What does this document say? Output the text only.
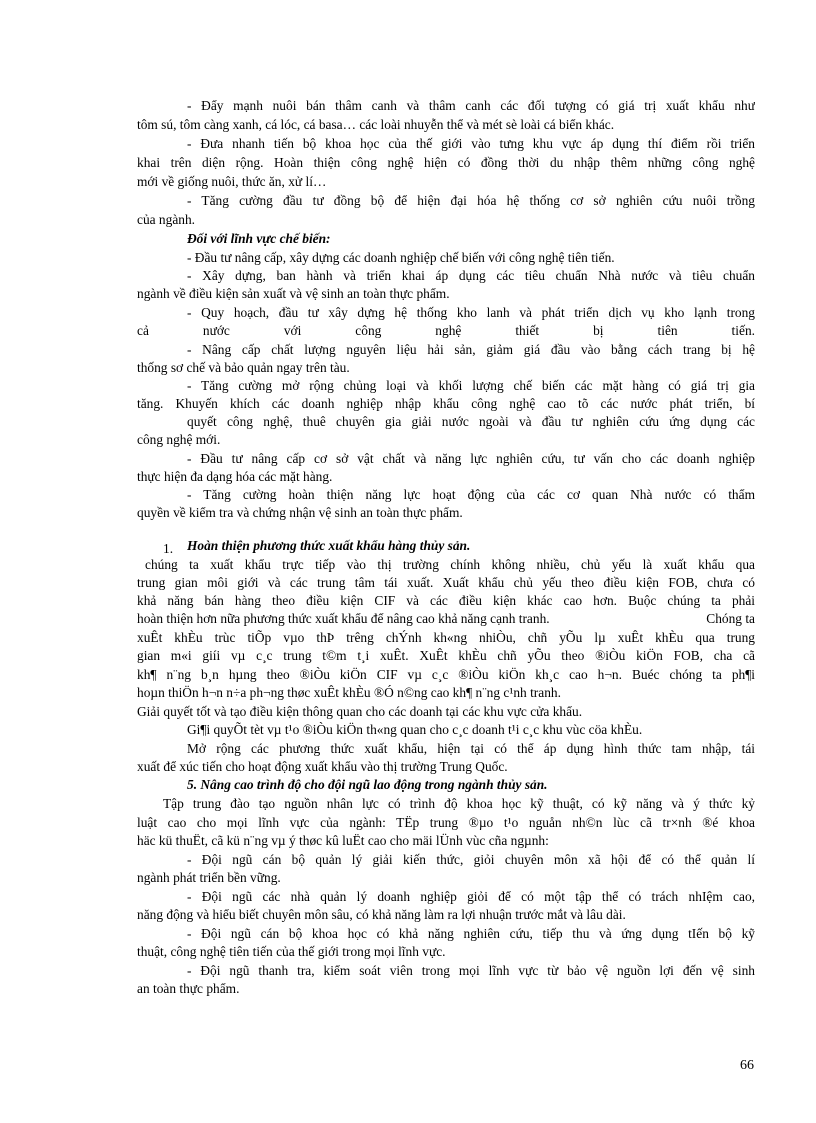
- Đẩy mạnh nuôi bán thâm canh và thâm canh các đối tượng có giá trị xuất khẩu như
tôm sú, tôm càng xanh, cá lóc, cá basa… các loài nhuyễn thể và mét sè loài cá biển khác.
- Đưa nhanh tiến bộ khoa học của thế giới vào tưng khu vực áp dụng thí điểm rồi triển
khai trên diện rộng. Hoàn thiện công nghệ hiện có đồng thời du nhập thêm những công nghệ
mới về giống nuôi, thức ăn, xử lí…
- Tăng cường đầu tư đồng bộ để hiện đại hóa hệ thống cơ sở nghiên cứu nuôi trồng
của ngành.
Đối với lĩnh vực chế biến:
- Đầu tư nâng cấp, xây dựng các doanh nghiệp chế biến với công nghệ tiên tiến.
- Xây dựng, ban hành và triển khai áp dụng các tiêu chuẩn Nhà nước và tiêu chuẩn
ngành về điều kiện sản xuất và vệ sinh an toàn thực phẩm.
- Quy hoạch, đầu tư xây dựng hệ thống kho lanh và phát triển dịch vụ kho lạnh trong
cả nước với công nghệ thiết bị tiên tiến.
- Nâng cấp chất lượng nguyên liệu hải sản, giảm giá đầu vào bằng cách trang bị hệ
thống sơ chế và bảo quản ngay trên tàu.
- Tăng cường mở rộng chủng loại và khối lượng chế biến các mặt hàng có giá trị gia
tăng. Khuyến khích các doanh nghiệp nhập khẩu công nghệ cao tõ các nước phát triển, bí
quyết công nghệ, thuê chuyên gia giải nước ngoài và đầu tư nghiên cứu ứng dụng các
công nghệ mới.
- Đầu tư nâng cấp cơ sở vật chất và năng lực nghiên cứu, tư vấn cho các doanh nghiệp
thực hiện đa dạng hóa các mặt hàng.
- Tăng cường hoàn thiện năng lực hoạt động của các cơ quan Nhà nước có thẩm
quyền về kiểm tra và chứng nhận vệ sinh an toàn thực phẩm.
1.	Hoàn thiện phương thức xuất khẩu hàng thủy sản.
chúng ta xuất khẩu trực tiếp vào thị trường chính không nhiều, chủ yếu là xuất khẩu qua
trung gian môi giới và các trung tâm tái xuất. Xuất khẩu chủ yếu theo điều kiện FOB, chưa có
khả năng bán hàng theo điều kiện CIF và các điều kiện khác cao hơn. Buộc chúng ta phải
hoàn thiện hơn nữa phương thức xuất khẩu để nâng cao khả năng cạnh tranh.	Chóng ta
xuÊt khÈu trùc tiÕp vµo thÞ trêng chÝnh kh«ng nhiÒu, chñ yÕu lµ xuÊt khÈu qua trung
gian m«i giíi vµ c¸c trung t©m t¸i xuÊt. XuÊt khÈu chñ yÕu theo ®iÒu kiÖn FOB, cha cã
kh¶ n¨ng b¸n hµng theo ®iÒu kiÖn CIF vµ c¸c ®iÒu kiÖn kh¸c cao h¬n. Buéc chóng ta ph¶i
hoµn thiÖn h¬n n÷a ph¬ng thøc xuÊt khÈu ®Ó n©ng cao kh¶ n¨ng c¹nh tranh.
Giải quyết tốt và tạo điều kiện thông quan cho các doanh tại các khu vực cửa khẩu.
Gi¶i quyÕt tèt vµ t¹o ®iÒu kiÖn th«ng quan cho c¸c doanh t¹i c¸c khu vùc cöa khÈu.
Mở rộng các phương thức xuất khẩu, hiện tại có thể áp dụng hình thức tam nhập, tái
xuất để xúc tiến cho hoạt động xuất khẩu vào thị trường Trung Quốc.
5. Nâng cao trình độ cho đội ngũ lao động trong ngành thủy sản.
Tập trung đào tạo nguồn nhân lực có trình độ khoa học kỹ thuật, có kỹ năng và ý thức kỷ
luật cao cho mọi lĩnh vực của ngành: TËp trung ®µo t¹o nguån nh©n lùc cã tr×nh ®é khoa
häc kü thuËt, cã kü n¨ng vµ ý thøc kû luËt cao cho mäi lÜnh vùc cña ngµnh:
- Đội ngũ cán bộ quản lý giải kiến thức, giỏi chuyên môn xã hội để có thể quản lí
ngành phát triển bền vững.
- Đội ngũ các nhà quản lý doanh nghiệp giỏi để có một tập thể có trách nhIệm cao,
năng động và hiểu biết chuyên môn sâu, có khả năng làm ra lợi nhuận trước mắt và lâu dài.
- Đội ngũ cán bộ khoa học có khả năng nghiên cứu, tiếp thu và ứng dụng tIến bộ kỹ
thuật, công nghệ tiên tiến của thế giới trong mọi lĩnh vực.
- Đội ngũ thanh tra, kiểm soát viên trong mọi lĩnh vực từ bảo vệ nguồn lợi đến vệ sinh
an toàn thực phẩm.
66
